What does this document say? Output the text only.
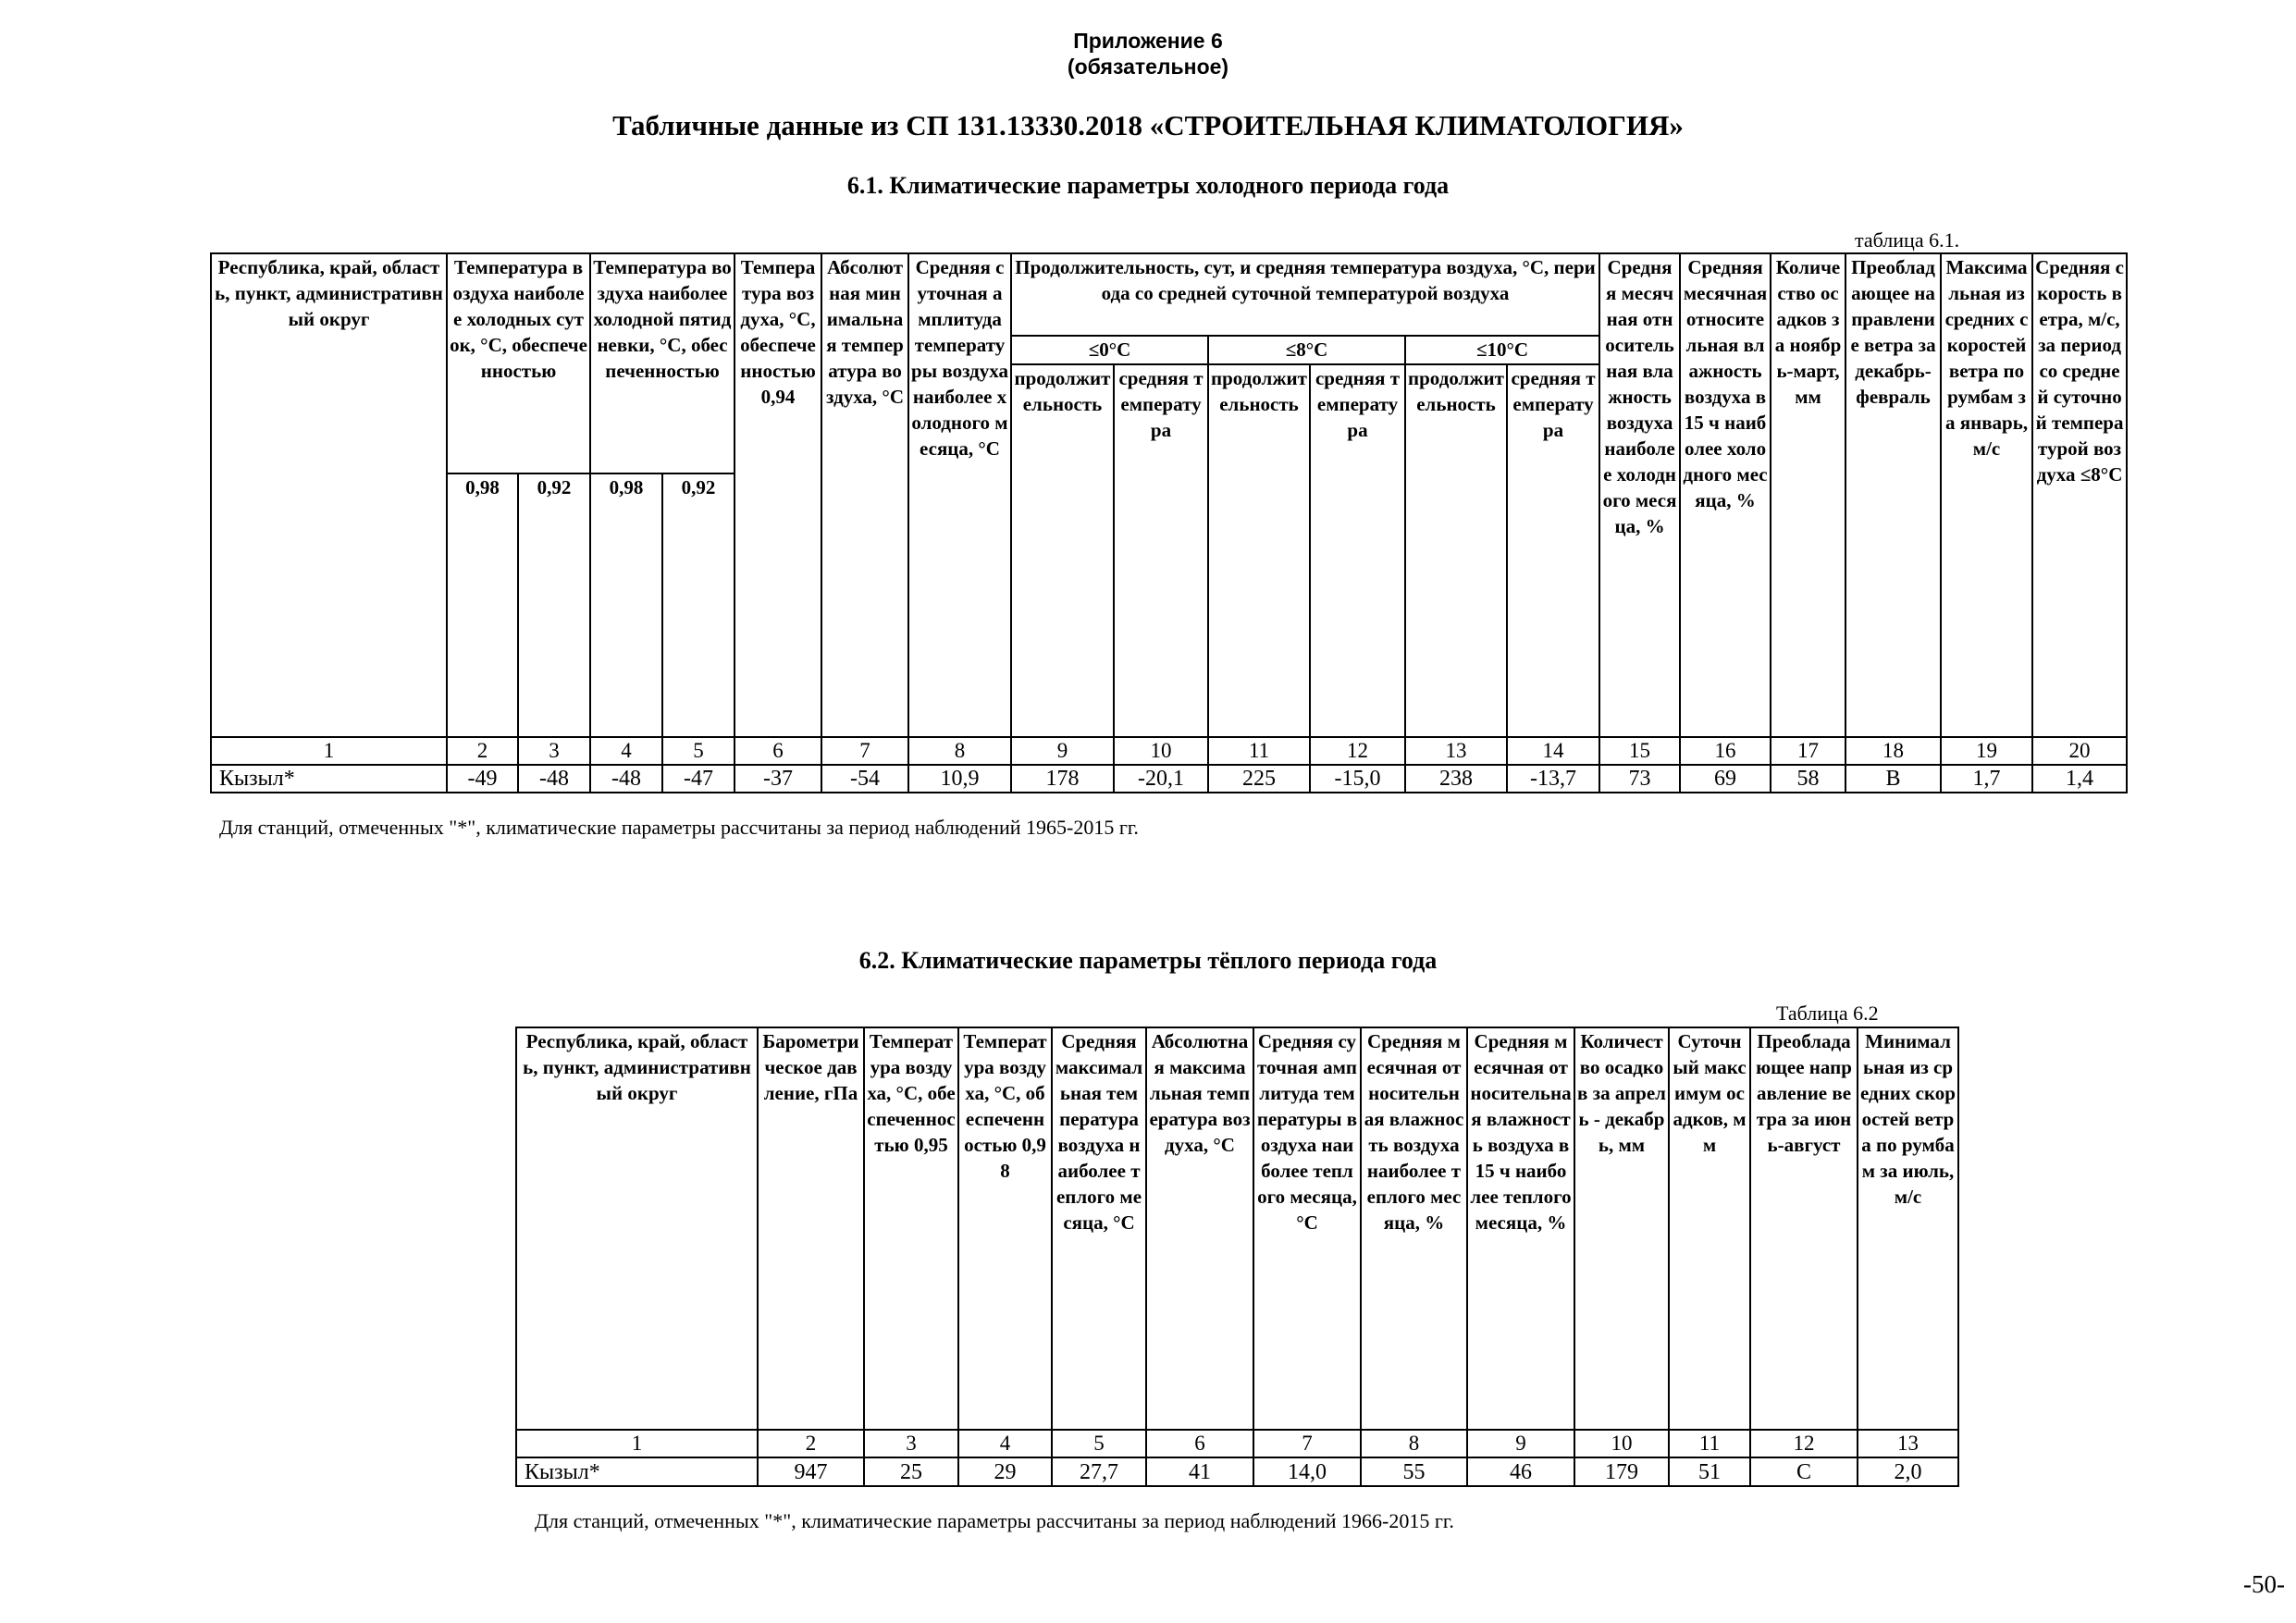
Приложение 6
(обязательное)
Табличные данные из СП 131.13330.2018 «СТРОИТЕЛЬНАЯ КЛИМАТОЛОГИЯ»
6.1. Климатические параметры холодного периода года
таблица 6.1.
Республика, край, область, пункт, административный округ	Температура воздуха наиболее холодных суток, °С, обеспеченностью		Температура воздуха наиболее холодной пятидневки, °С, обеспеченностью		Температура воздуха, °С, обеспеченностью 0,94	Абсолютная минимальная температура воздуха, °С	Средняя суточная амплитуда температуры воздуха наиболее холодного месяца, °С	Продолжительность, сут, и средняя температура воздуха, °С, периода со средней суточной температурой воздуха						Средняя месячная относительная влажность воздуха наиболее холодного месяца, %	Средняя месячная относительная влажность воздуха в 15 ч наиболее холодного месяца, %	Количество осадков за ноябрь-март, мм	Преобладающее направление ветра за декабрь-февраль	Максимальная из средних скоростей ветра по румбам за январь, м/с	Средняя скорость ветра, м/с, за период со средней суточной температурой воздуха ≤8°С
								≤0°С		≤8°С		≤10°С							
								продолжительность	средняя температура	продолжительность	средняя температура	продолжительность	средняя температура						
	0,98	0,92	0,98	0,92															
1	2	3	4	5	6	7	8	9	10	11	12	13	14	15	16	17	18	19	20
Кызыл*	-49	-48	-48	-47	-37	-54	10,9	178	-20,1	225	-15,0	238	-13,7	73	69	58	В	1,7	1,4
Для станций, отмеченных "*", климатические параметры рассчитаны за период наблюдений 1965-2015 гг.
6.2. Климатические параметры тёплого периода года
Таблица 6.2
Республика, край, область, пункт, административный округ	Барометрическое давление, гПа	Температура воздуха, °С, обеспеченностью 0,95	Температура воздуха, °С, обеспеченностью 0,98	Средняя максимальная температура воздуха наиболее теплого месяца, °С	Абсолютная максимальная температура воздуха, °С	Средняя суточная амплитуда температуры воздуха наиболее теплого месяца, °С	Средняя месячная относительная влажность воздуха наиболее теплого месяца, %	Средняя месячная относительная влажность воздуха в 15 ч наиболее теплого месяца, %	Количество осадков за апрель - декабрь, мм	Суточный максимум осадков, мм	Преобладающее направление ветра за июнь-август	Минимальная из средних скоростей ветра по румбам за июль, м/с
1	2	3	4	5	6	7	8	9	10	11	12	13
Кызыл*	947	25	29	27,7	41	14,0	55	46	179	51	С	2,0
Для станций, отмеченных "*", климатические параметры рассчитаны за период наблюдений 1966-2015 гг.
-50-
